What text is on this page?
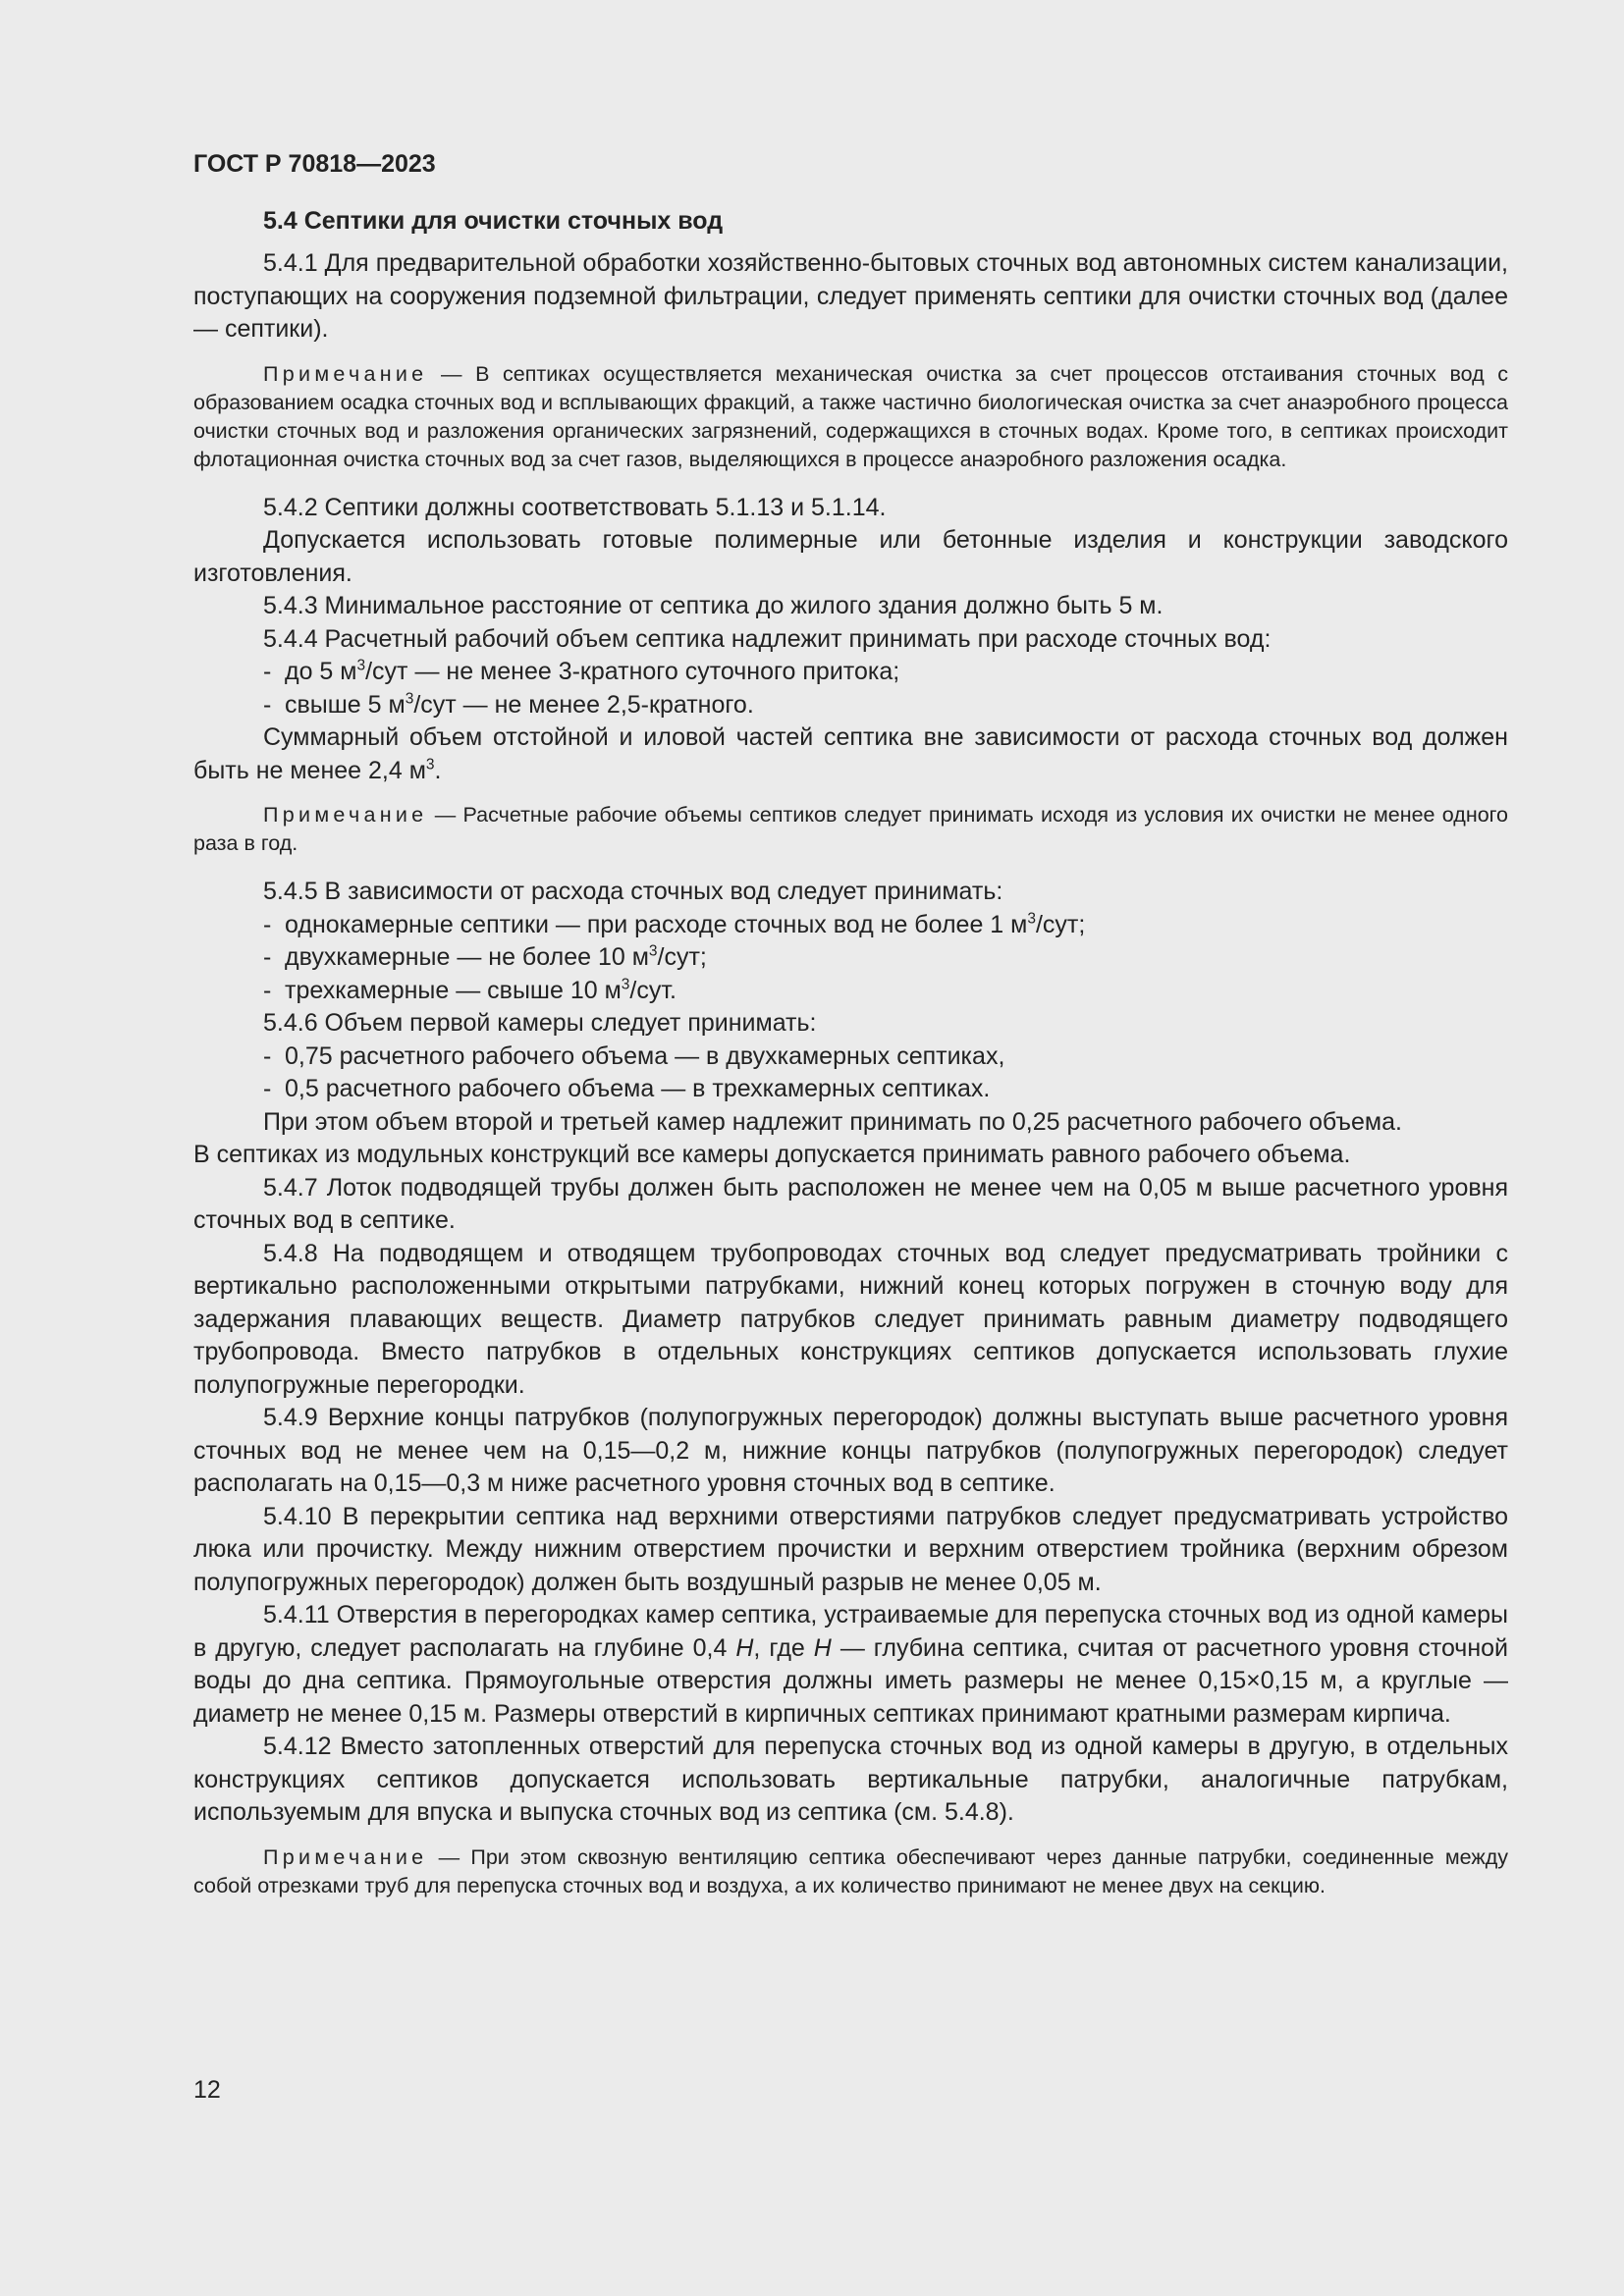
ГОСТ Р 70818—2023
5.4 Септики для очистки сточных вод

5.4.1 Для предварительной обработки хозяйственно-бытовых сточных вод автономных систем канализации, поступающих на сооружения подземной фильтрации, следует применять септики для очистки сточных вод (далее — септики).

Примечание — В септиках осуществляется механическая очистка за счет процессов отстаивания сточных вод с образованием осадка сточных вод и всплывающих фракций, а также частично биологическая очистка за счет анаэробного процесса очистки сточных вод и разложения органических загрязнений, содержащихся в сточных водах. Кроме того, в септиках происходит флотационная очистка сточных вод за счет газов, выделяющихся в процессе анаэробного разложения осадка.

5.4.2 Септики должны соответствовать 5.1.13 и 5.1.14.

Допускается использовать готовые полимерные или бетонные изделия и конструкции заводского изготовления.

5.4.3 Минимальное расстояние от септика до жилого здания должно быть 5 м.

5.4.4 Расчетный рабочий объем септика надлежит принимать при расходе сточных вод:

- до 5 $м^3$/сут — не менее 3-кратного суточного притока;
- свыше 5 $м^3$/сут — не менее 2,5-кратного.

Суммарный объем отстойной и иловой частей септика вне зависимости от расхода сточных вод должен быть не менее 2,4 $м^3$.

Примечание — Расчетные рабочие объемы септиков следует принимать исходя из условия их очистки не менее одного раза в год.

5.4.5 В зависимости от расхода сточных вод следует принимать:

- однокамерные септики — при расходе сточных вод не более 1 $м^3$/сут;
- двухкамерные — не более 10 $м^3$/сут;
- трехкамерные — свыше 10 $м^3$/сут.

5.4.6 Объем первой камеры следует принимать:

- 0,75 расчетного рабочего объема — в двухкамерных септиках,
- 0,5 расчетного рабочего объема — в трехкамерных септиках.

При этом объем второй и третьей камер надлежит принимать по 0,25 расчетного рабочего объема.

В септиках из модульных конструкций все камеры допускается принимать равного рабочего объема.

5.4.7 Лоток подводящей трубы должен быть расположен не менее чем на 0,05 м выше расчетного уровня сточных вод в септике.

5.4.8 На подводящем и отводящем трубопроводах сточных вод следует предусматривать тройники с вертикально расположенными открытыми патрубками, нижний конец которых погружен в сточную воду для задержания плавающих веществ. Диаметр патрубков следует принимать равным диаметру подводящего трубопровода. Вместо патрубков в отдельных конструкциях септиков допускается использовать глухие полупогружные перегородки.

5.4.9 Верхние концы патрубков (полупогружных перегородок) должны выступать выше расчетного уровня сточных вод не менее чем на 0,15—0,2 м, нижние концы патрубков (полупогружных перегородок) следует располагать на 0,15—0,3 м ниже расчетного уровня сточных вод в септике.

5.4.10 В перекрытии септика над верхними отверстиями патрубков следует предусматривать устройство люка или прочистку. Между нижним отверстием прочистки и верхним отверстием тройника (верхним обрезом полупогружных перегородок) должен быть воздушный разрыв не менее 0,05 м.

5.4.11 Отверстия в перегородках камер септика, устраиваемые для перепуска сточных вод из одной камеры в другую, следует располагать на глубине 0,4 H, где H — глубина септика, считая от расчетного уровня сточной воды до дна септика. Прямоугольные отверстия должны иметь размеры не менее 0,15×0,15 м, а круглые — диаметр не менее 0,15 м. Размеры отверстий в кирпичных септиках принимают кратными размерам кирпича.

5.4.12 Вместо затопленных отверстий для перепуска сточных вод из одной камеры в другую, в отдельных конструкциях септиков допускается использовать вертикальные патрубки, аналогичные патрубкам, используемым для впуска и выпуска сточных вод из септика (см. 5.4.8).

Примечание — При этом сквозную вентиляцию септика обеспечивают через данные патрубки, соединенные между собой отрезками труб для перепуска сточных вод и воздуха, а их количество принимают не менее двух на секцию.
12
